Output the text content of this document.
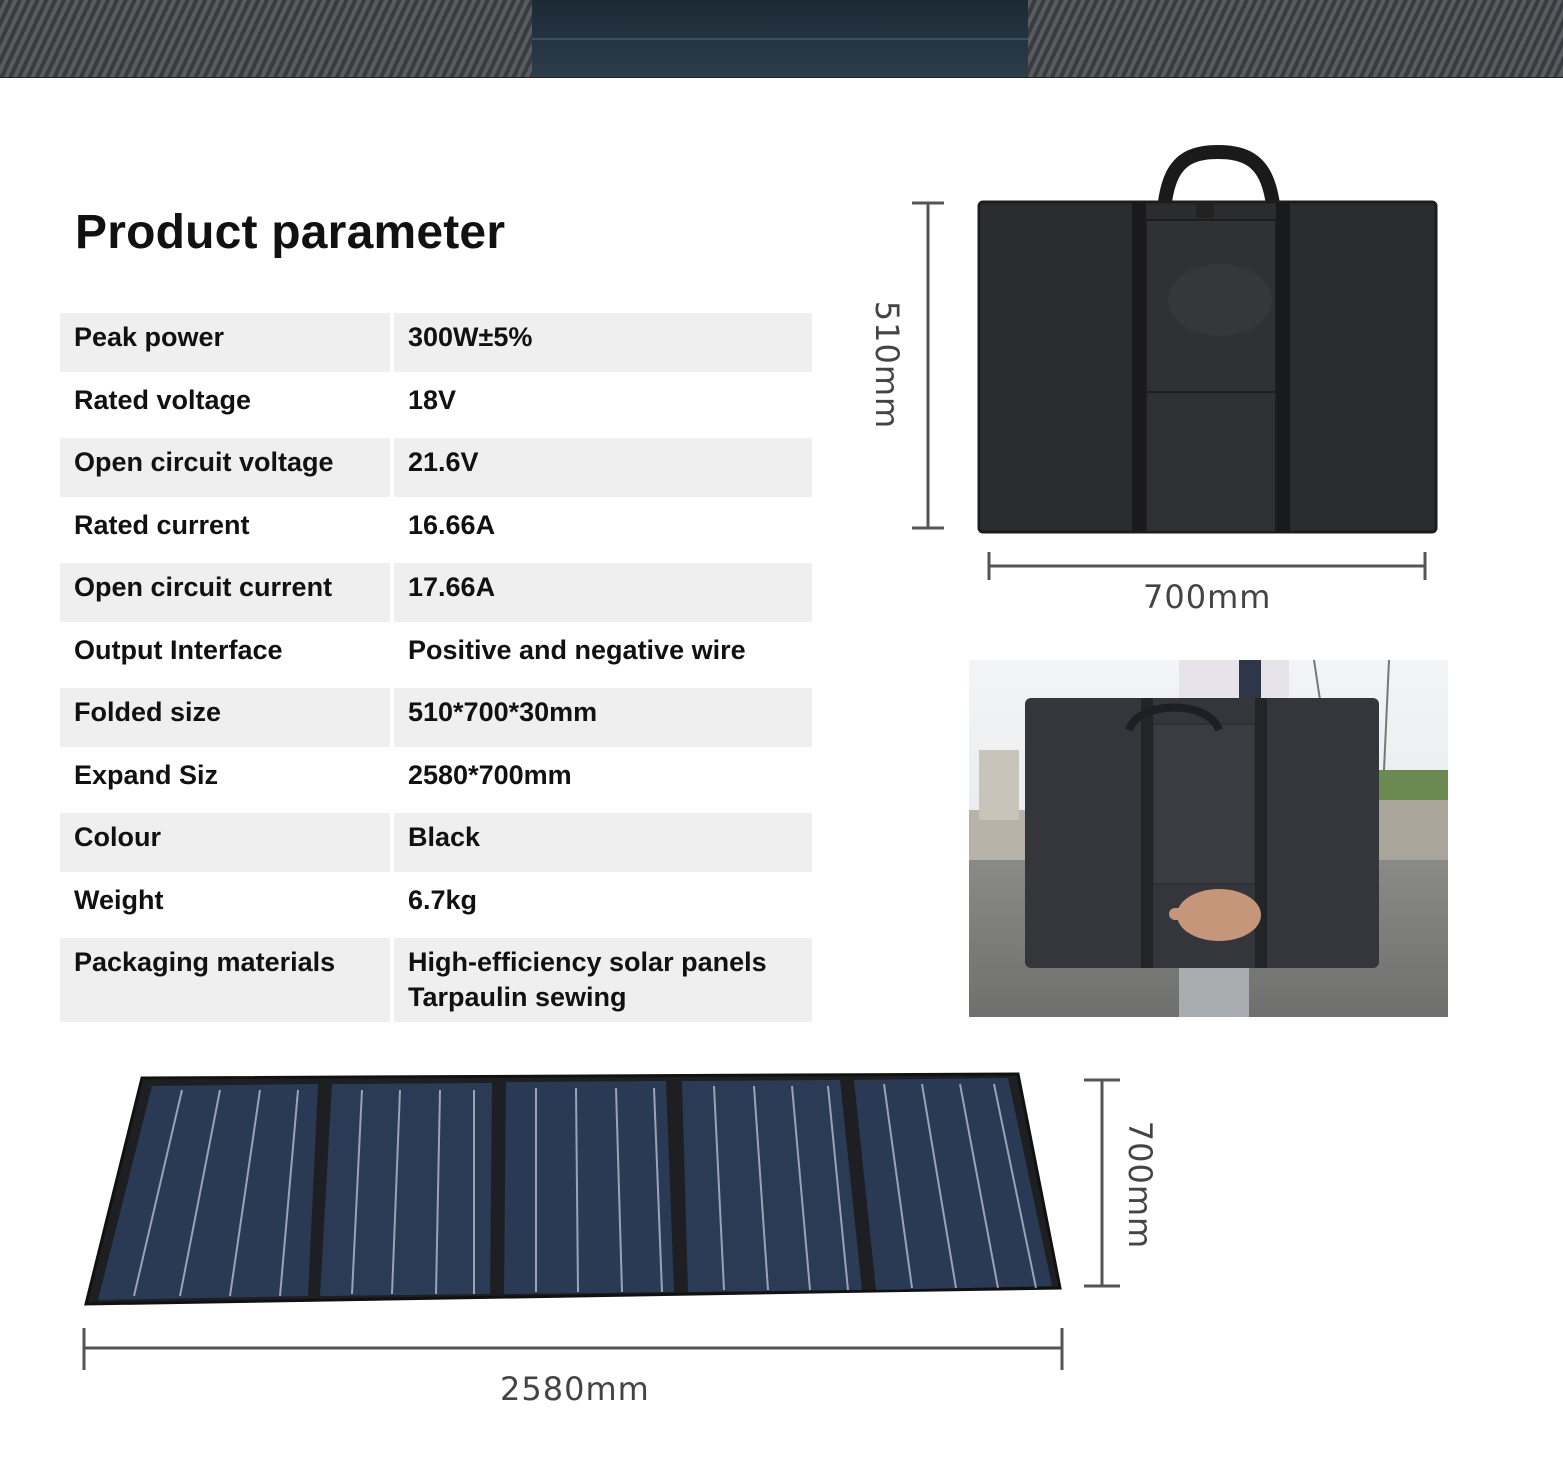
Product parameter
Peak power	300W±5%
Rated voltage	18V
Open circuit voltage	21.6V
Rated current	16.66A
Open circuit current	17.66A
Output Interface	Positive and negative wire
Folded size	510*700*30mm
Expand Siz	2580*700mm
Colour	Black
Weight	6.7kg
Packaging materials	High-efficiency solar panels
Tarpaulin sewing
510mm
700mm
700mm
2580mm
